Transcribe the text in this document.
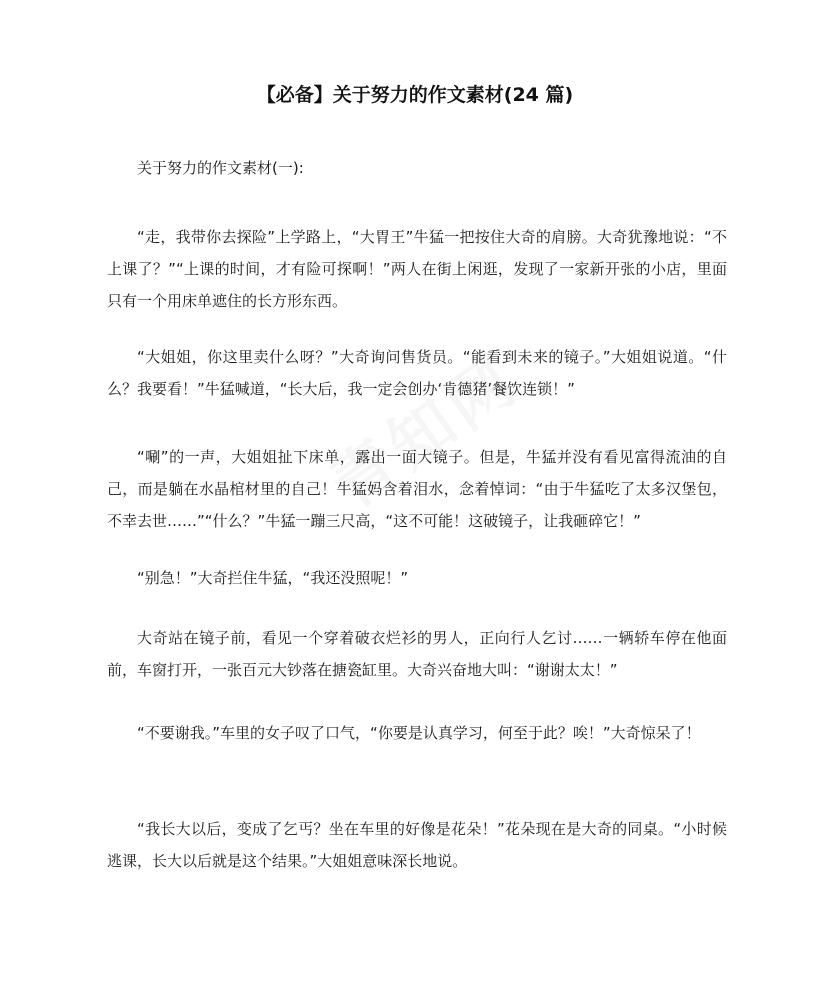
【必备】关于努力的作文素材(24 篇)
关于努力的作文素材(一):

“走，我带你去探险”上学路上，“大胃王”牛猛一把按住大奇的肩膀。大奇犹豫地说：“不上课了？”“上课的时间，才有险可探啊！”两人在街上闲逛，发现了一家新开张的小店，里面只有一个用床单遮住的长方形东西。

“大姐姐，你这里卖什么呀？”大奇询问售货员。“能看到未来的镜子。”大姐姐说道。“什么？我要看！”牛猛喊道，“长大后，我一定会创办‘肯德猪’餐饮连锁！”

“唰”的一声，大姐姐扯下床单，露出一面大镜子。但是，牛猛并没有看见富得流油的自己，而是躺在水晶棺材里的自己！牛猛妈含着泪水，念着悼词：“由于牛猛吃了太多汉堡包，不幸去世……”“什么？”牛猛一蹦三尺高，“这不可能！这破镜子，让我砸碎它！”

“别急！”大奇拦住牛猛，“我还没照呢！”

大奇站在镜子前，看见一个穿着破衣烂衫的男人，正向行人乞讨……一辆轿车停在他面前，车窗打开，一张百元大钞落在搪瓷缸里。大奇兴奋地大叫：“谢谢太太！”

“不要谢我。”车里的女子叹了口气，“你要是认真学习，何至于此？唉！”大奇惊呆了！

“我长大以后，变成了乞丐？坐在车里的好像是花朵！”花朵现在是大奇的同桌。“小时候逃课，长大以后就是这个结果。”大姐姐意味深长地说。
